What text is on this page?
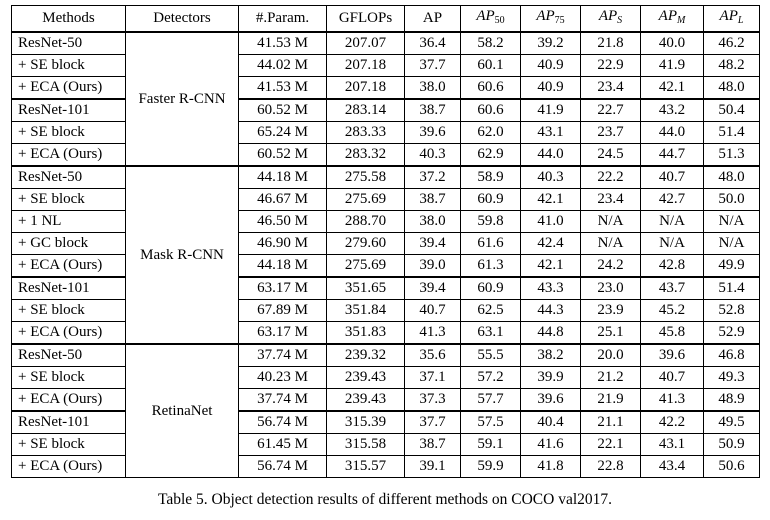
Methods	Detectors	#.Param.	GFLOPs	AP	$AP_{50}$	$AP_{75}$	$AP_S$	$AP_M$	$AP_L$
ResNet-50	Faster R-CNN	41.53 M	207.07	36.4	58.2	39.2	21.8	40.0	46.2
+ SE block		44.02 M	207.18	37.7	60.1	40.9	22.9	41.9	48.2
+ ECA (Ours)		41.53 M	207.18	38.0	60.6	40.9	23.4	42.1	48.0
ResNet-101		60.52 M	283.14	38.7	60.6	41.9	22.7	43.2	50.4
+ SE block		65.24 M	283.33	39.6	62.0	43.1	23.7	44.0	51.4
+ ECA (Ours)		60.52 M	283.32	40.3	62.9	44.0	24.5	44.7	51.3
ResNet-50	Mask R-CNN	44.18 M	275.58	37.2	58.9	40.3	22.2	40.7	48.0
+ SE block		46.67 M	275.69	38.7	60.9	42.1	23.4	42.7	50.0
+ 1 NL		46.50 M	288.70	38.0	59.8	41.0	N/A	N/A	N/A
+ GC block		46.90 M	279.60	39.4	61.6	42.4	N/A	N/A	N/A
+ ECA (Ours)		44.18 M	275.69	39.0	61.3	42.1	24.2	42.8	49.9
ResNet-101		63.17 M	351.65	39.4	60.9	43.3	23.0	43.7	51.4
+ SE block		67.89 M	351.84	40.7	62.5	44.3	23.9	45.2	52.8
+ ECA (Ours)		63.17 M	351.83	41.3	63.1	44.8	25.1	45.8	52.9
ResNet-50	RetinaNet	37.74 M	239.32	35.6	55.5	38.2	20.0	39.6	46.8
+ SE block		40.23 M	239.43	37.1	57.2	39.9	21.2	40.7	49.3
+ ECA (Ours)		37.74 M	239.43	37.3	57.7	39.6	21.9	41.3	48.9
ResNet-101		56.74 M	315.39	37.7	57.5	40.4	21.1	42.2	49.5
+ SE block		61.45 M	315.58	38.7	59.1	41.6	22.1	43.1	50.9
+ ECA (Ours)		56.74 M	315.57	39.1	59.9	41.8	22.8	43.4	50.6
Table 5. Object detection results of different methods on COCO val2017.
